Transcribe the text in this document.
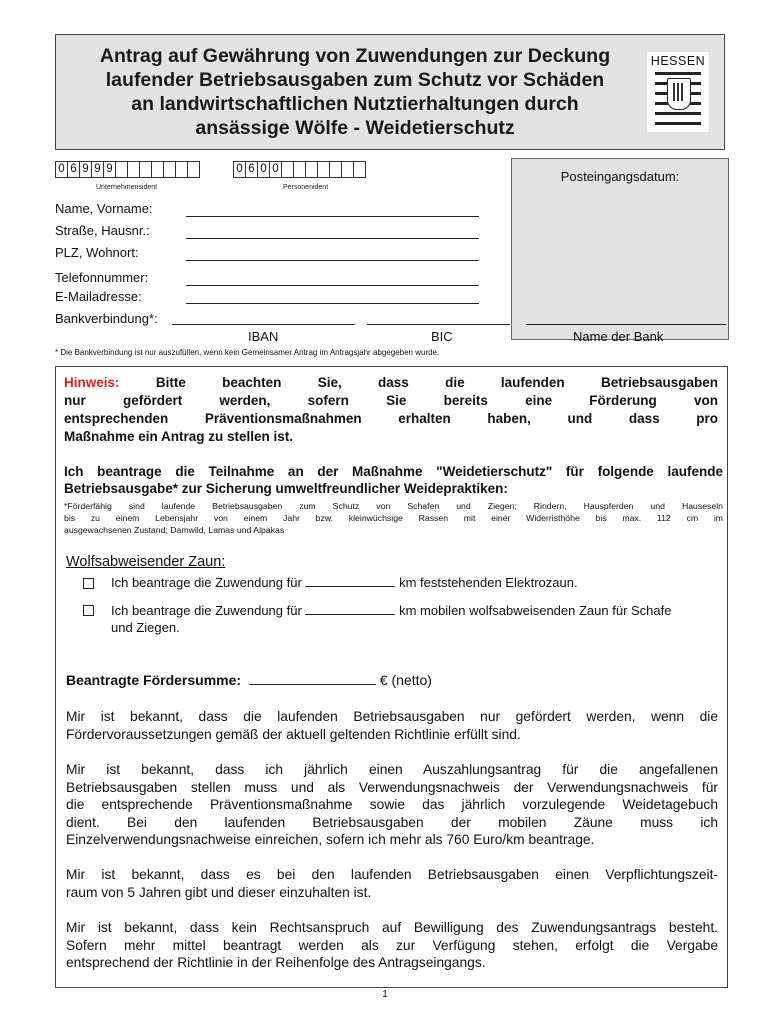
Antrag auf Gewährung von Zuwendungen zur Deckung
laufender Betriebsausgaben zum Schutz vor Schäden
an landwirtschaftlichen Nutztierhaltungen durch
ansässige Wölfe - Weidetierschutz
HESSEN
0 6 9 9 9
Unternehmensident
0 6 0 0
Personenident
Posteingangsdatum:
Name, Vorname:
Straße, Hausnr.:
PLZ, Wohnort:
Telefonnummer:
E-Mailadresse:
Bankverbindung*:
IBAN	BIC	Name der Bank
* Die Bankverbindung ist nur auszufüllen, wenn kein Gemeinsamer Antrag im Antragsjahr abgegeben wurde.
Hinweis:	Bitte beachten Sie, dass die laufenden Betriebsausgaben
nur gefördert werden, sofern Sie bereits eine Förderung von
entsprechenden Präventionsmaßnahmen erhalten haben, und dass pro
Maßnahme ein Antrag zu stellen ist.
Ich beantrage die Teilnahme an der Maßnahme "Weidetierschutz" für folgende laufende
Betriebsausgabe* zur Sicherung umweltfreundlicher Weidepraktiken:
*Förderfähig sind laufende Betriebsausgaben zum Schutz von Schafen und Ziegen; Rindern, Hauspferden und Hauseseln
bis zu einem Lebensjahr von einem Jahr bzw. kleinwüchsige Rassen mit einer Widerristhöhe bis max. 112 cm im
ausgewachsenen Zustand; Damwild, Lamas und Alpakas
Wolfsabweisender Zaun:
Ich beantrage die Zuwendung für	km feststehenden Elektrozaun.
Ich beantrage die Zuwendung für	km mobilen wolfsabweisenden Zaun für Schafe
und Ziegen.
Beantragte Fördersumme:	€ (netto)
Mir ist bekannt, dass die laufenden Betriebsausgaben nur gefördert werden, wenn die
Fördervoraussetzungen gemäß der aktuell geltenden Richtlinie erfüllt sind.
Mir ist bekannt, dass ich jährlich einen Auszahlungsantrag für die angefallenen
Betriebsausgaben stellen muss und als Verwendungsnachweis der Verwendungsnachweis für
die entsprechende Präventionsmaßnahme sowie das jährlich vorzulegende Weidetagebuch
dient. Bei den laufenden Betriebsausgaben der mobilen Zäune muss ich
Einzelverwendungsnachweise einreichen, sofern ich mehr als 760 Euro/km beantrage.
Mir ist bekannt, dass es bei den laufenden Betriebsausgaben einen Verpflichtungszeit-
raum von 5 Jahren gibt und dieser einzuhalten ist.
Mir ist bekannt, dass kein Rechtsanspruch auf Bewilligung des Zuwendungsantrags besteht.
Sofern mehr mittel beantragt werden als zur Verfügung stehen, erfolgt die Vergabe
entsprechend der Richtlinie in der Reihenfolge des Antragseingangs.
1
